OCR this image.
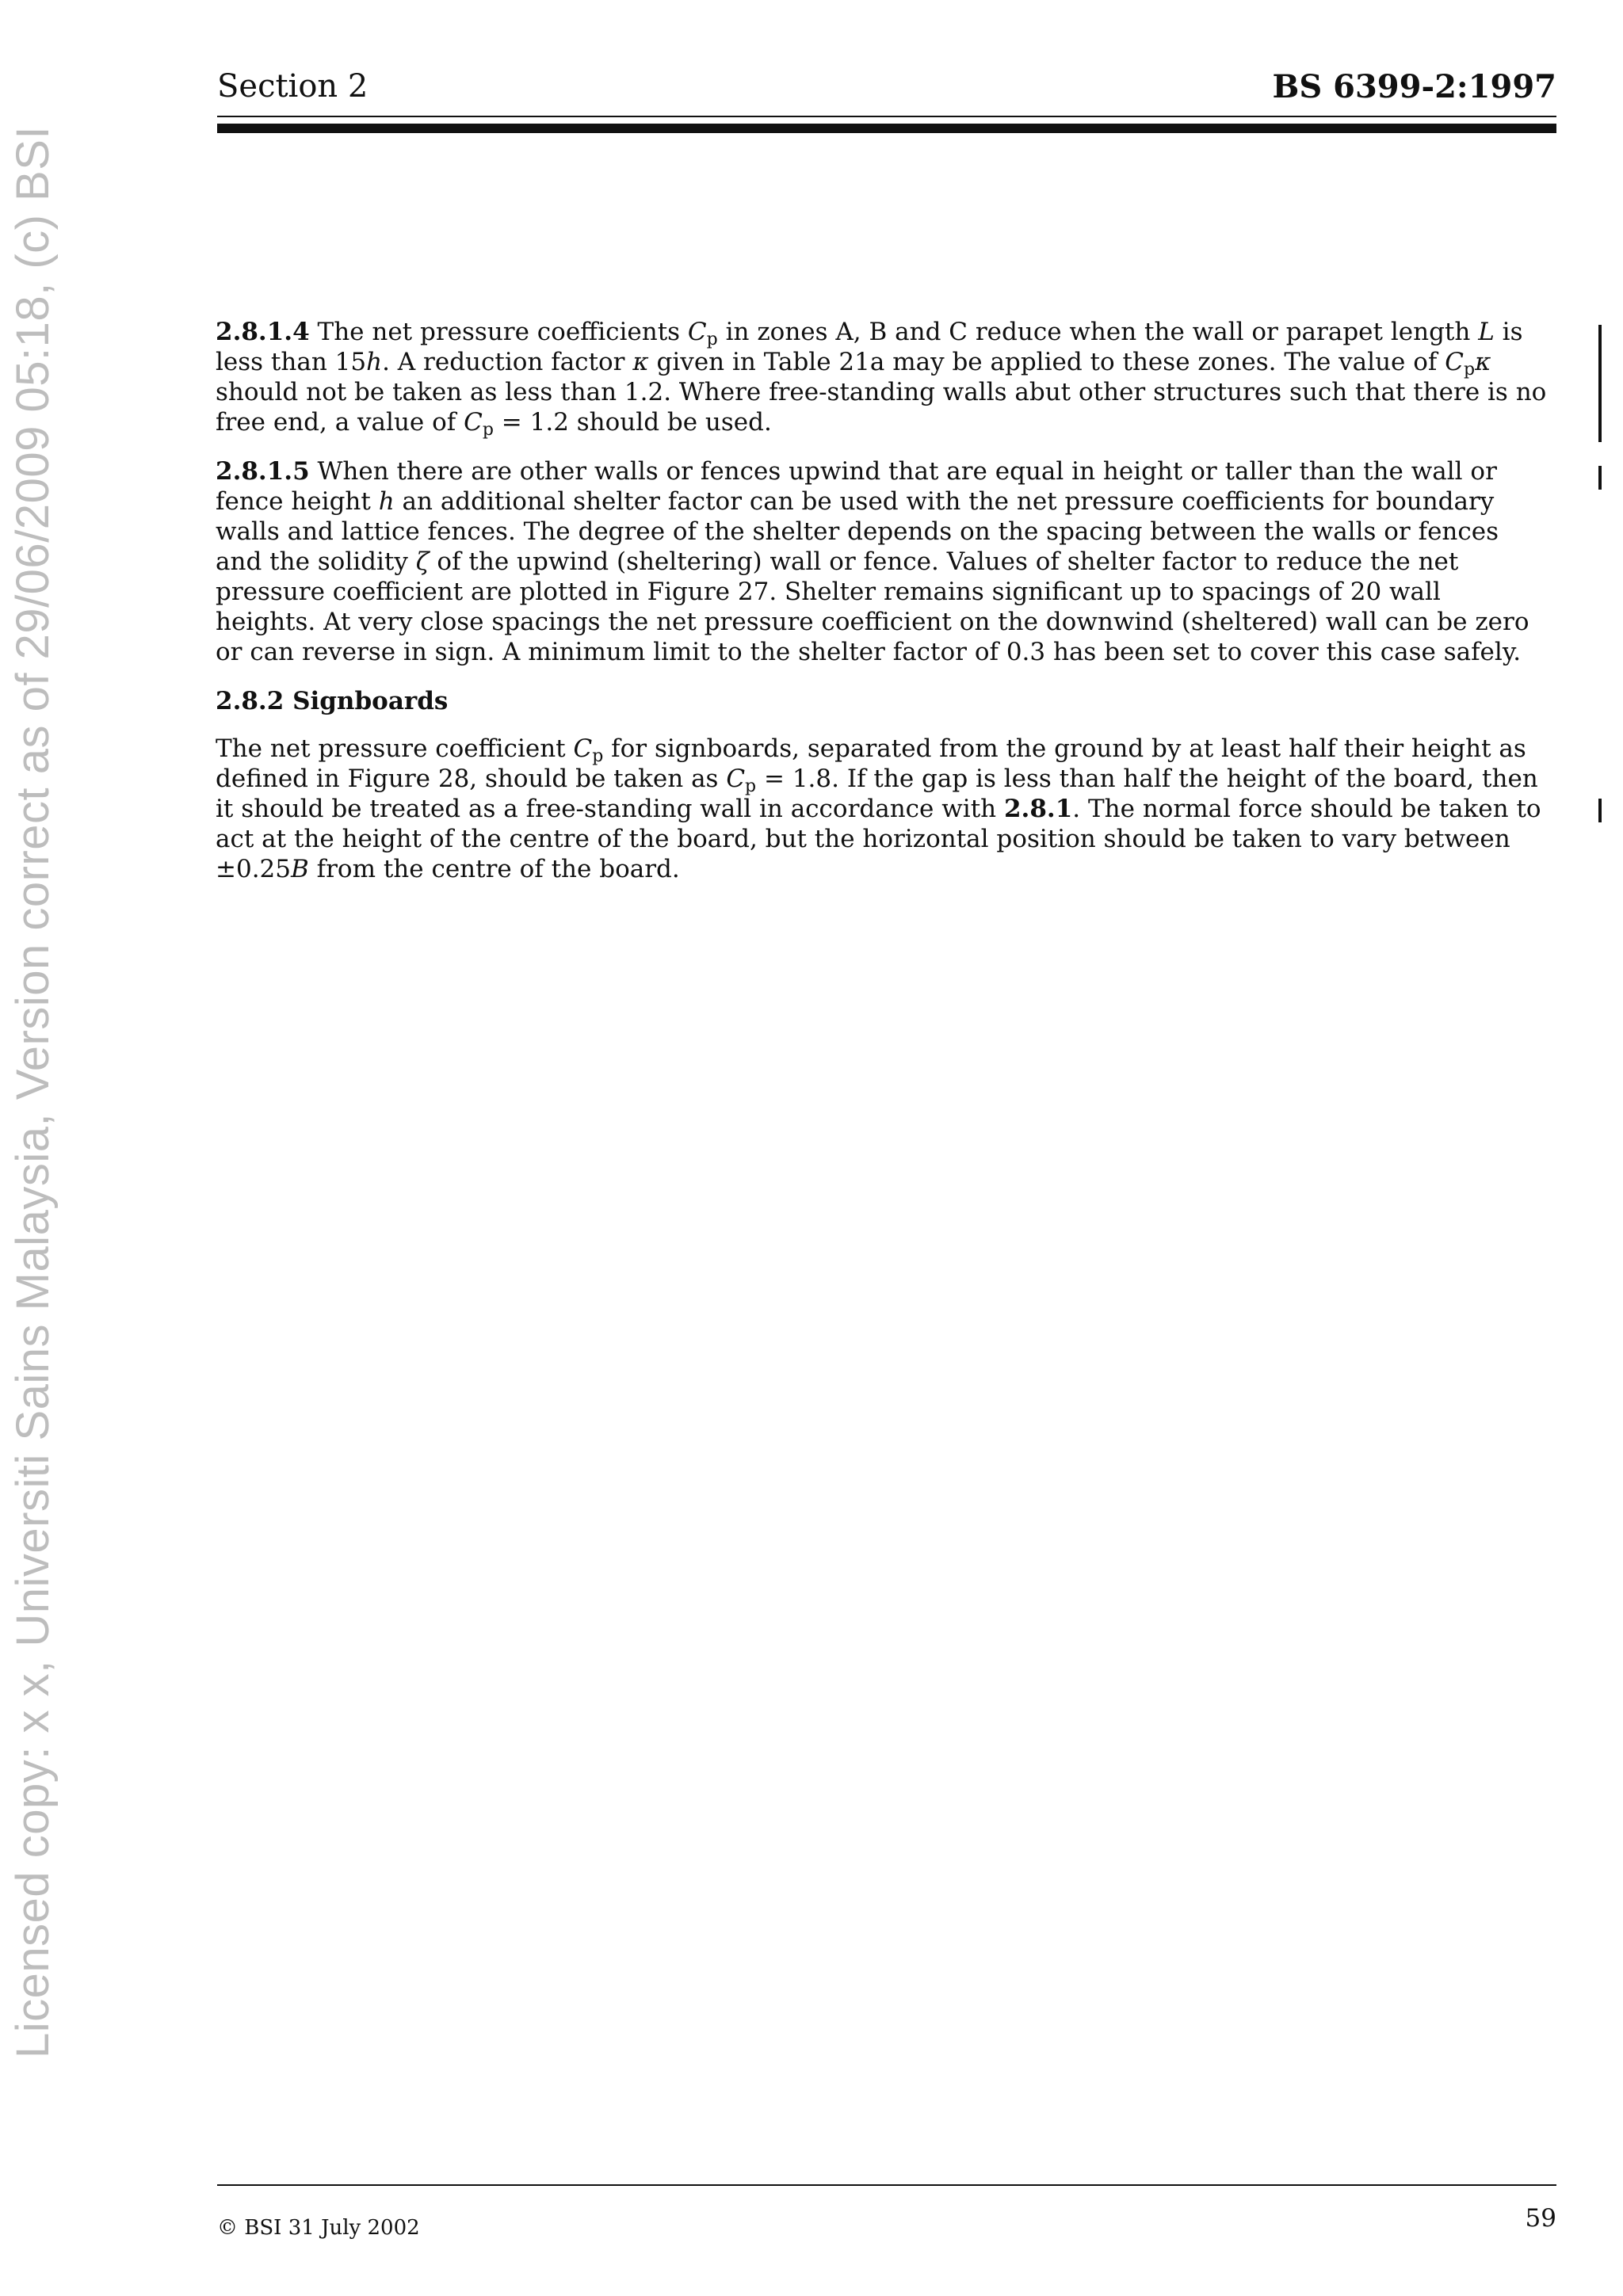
Section 2	BS 6399-2:1997
Licensed copy: x x, Universiti Sains Malaysia, Version correct as of 29/06/2009 05:18, (c) BSI	2.8.1.4 The net pressure coefficients $C_p$ in zones A, B and C reduce when the wall or parapet length L is less than 15h. A reduction factor κ given in Table 21a may be applied to these zones. The value of $C_p\kappa$ should not be taken as less than 1.2. Where free-standing walls abut other structures such that there is no free end, a value of $C_p = 1.2$ should be used.

2.8.1.5 When there are other walls or fences upwind that are equal in height or taller than the wall or fence height h an additional shelter factor can be used with the net pressure coefficients for boundary walls and lattice fences. The degree of the shelter depends on the spacing between the walls or fences and the solidity ζ of the upwind (sheltering) wall or fence. Values of shelter factor to reduce the net pressure coefficient are plotted in Figure 27. Shelter remains significant up to spacings of 20 wall heights. At very close spacings the net pressure coefficient on the downwind (sheltered) wall can be zero or can reverse in sign. A minimum limit to the shelter factor of 0.3 has been set to cover this case safely.

2.8.2 Signboards

The net pressure coefficient $C_p$ for signboards, separated from the ground by at least half their height as defined in Figure 28, should be taken as $C_p = 1.8$. If the gap is less than half the height of the board, then it should be treated as a free-standing wall in accordance with 2.8.1. The normal force should be taken to act at the height of the centre of the board, but the horizontal position should be taken to vary between ±0.25B from the centre of the board.

© BSI 31 July 2002	59
